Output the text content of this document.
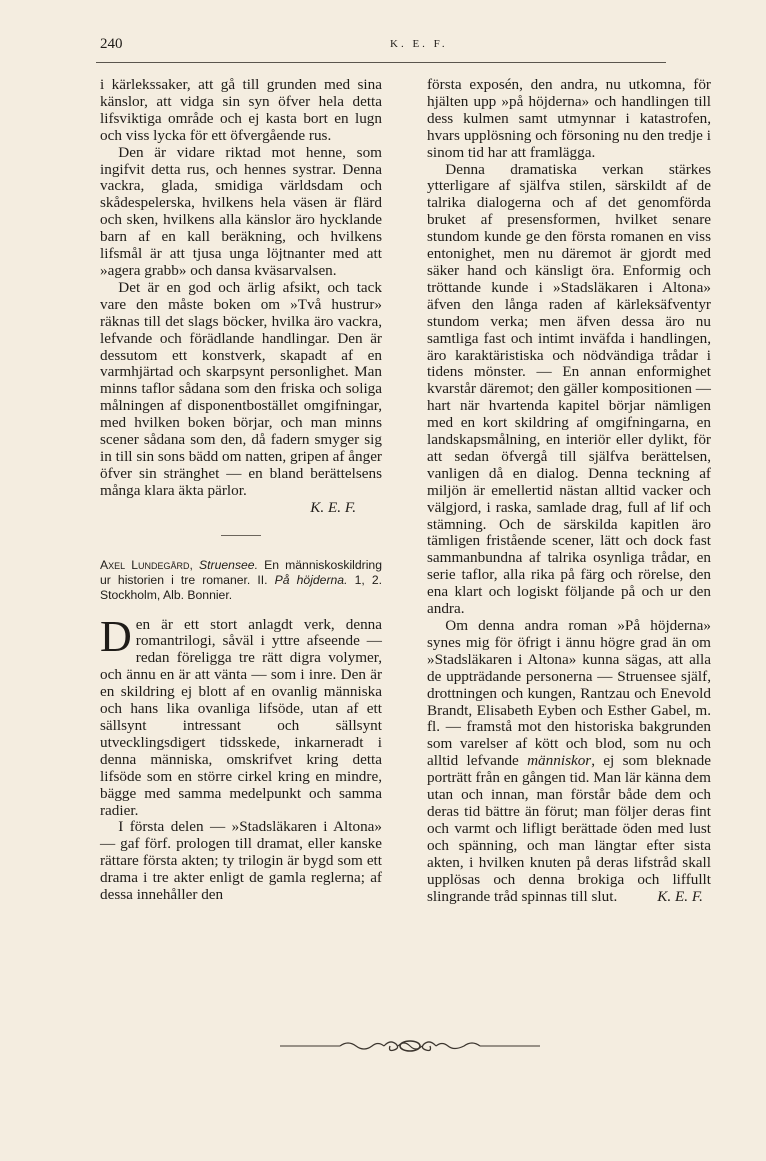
240	K. E. F.

i kärlekssaker, att gå till grunden med sina känslor, att vidga sin syn öfver hela detta lifsviktiga område och ej kasta bort en lugn och viss lycka för ett öfvergående rus.

Den är vidare riktad mot henne, som ingifvit detta rus, och hennes systrar. Denna vackra, glada, smidiga världsdam och skådespelerska, hvilkens hela väsen är flärd och sken, hvilkens alla känslor äro hycklande barn af en kall beräkning, och hvilkens lifsmål är att tjusa unga löjtnanter med att »agera grabb» och dansa kväsarvalsen.

Det är en god och ärlig afsikt, och tack vare den måste boken om »Två hustrur» räknas till det slags böcker, hvilka äro vackra, lefvande och förädlande handlingar. Den är dessutom ett konstverk, skapadt af en varmhjärtad och skarpsynt personlighet. Man minns taflor sådana som den friska och soliga målningen af disponentbostället omgifningar, med hvilken boken börjar, och man minns scener sådana som den, då fadern smyger sig in till sin sons bädd om natten, gripen af ånger öfver sin stränghet — en bland berättelsens många klara äkta pärlor.

K. E. F.

Axel Lundegård, Struensee. En människoskildring ur historien i tre romaner. II. På höjderna. 1, 2. Stockholm, Alb. Bonnier.

Den är ett stort anlagdt verk, denna romantrilogi, såväl i yttre afseende — redan föreligga tre rätt digra volymer, och ännu en är att vänta — som i inre. Den är en skildring ej blott af en ovanlig människa och hans lika ovanliga lifsöde, utan af ett sällsynt intressant och sällsynt utvecklingsdigert tidsskede, inkarneradt i denna människa, omskrifvet kring detta lifsöde som en större cirkel kring en mindre, bägge med samma medelpunkt och samma radier.

I första delen — »Stadsläkaren i Altona» — gaf förf. prologen till dramat, eller kanske rättare första akten; ty trilogin är bygd som ett drama i tre akter enligt de gamla reglerna; af dessa innehåller den

första exposén, den andra, nu utkomna, för hjälten upp »på höjderna» och handlingen till dess kulmen samt utmynnar i katastrofen, hvars upplösning och försoning nu den tredje i sinom tid har att framlägga.

Denna dramatiska verkan stärkes ytterligare af själfva stilen, särskildt af de talrika dialogerna och af det genomförda bruket af presensformen, hvilket senare stundom kunde ge den första romanen en viss entonighet, men nu däremot är gjordt med säker hand och känsligt öra. Enformig och tröttande kunde i »Stadsläkaren i Altona» äfven den långa raden af kärleksäfventyr stundom verka; men äfven dessa äro nu samtliga fast och intimt inväfda i handlingen, äro karaktäristiska och nödvändiga trådar i tidens mönster. — En annan enformighet kvarstår däremot; den gäller kompositionen — hart när hvartenda kapitel börjar nämligen med en kort skildring af omgifningarna, en landskapsmålning, en interiör eller dylikt, för att sedan öfvergå till själfva berättelsen, vanligen då en dialog. Denna teckning af miljön är emellertid nästan alltid vacker och välgjord, i raska, samlade drag, full af lif och stämning. Och de särskilda kapitlen äro tämligen fristående scener, lätt och dock fast sammanbundna af talrika osynliga trådar, en serie taflor, alla rika på färg och rörelse, den ena klart och logiskt följande på och ur den andra.

Om denna andra roman »På höjderna» synes mig för öfrigt i ännu högre grad än om »Stadsläkaren i Altona» kunna sägas, att alla de uppträdande personerna — Struensee själf, drottningen och kungen, Rantzau och Enevold Brandt, Elisabeth Eyben och Esther Gabel, m. fl. — framstå mot den historiska bakgrunden som varelser af kött och blod, som nu och alltid lefvande människor, ej som bleknade porträtt från en gången tid. Man lär känna dem utan och innan, man förstår både dem och deras tid bättre än förut; man följer deras fint och varmt och lifligt berättade öden med lust och spänning, och man längtar efter sista akten, i hvilken knuten på deras lifstråd skall upplösas och denna brokiga och liffullt slingrande tråd spinnas till slut.	K. E. F.
